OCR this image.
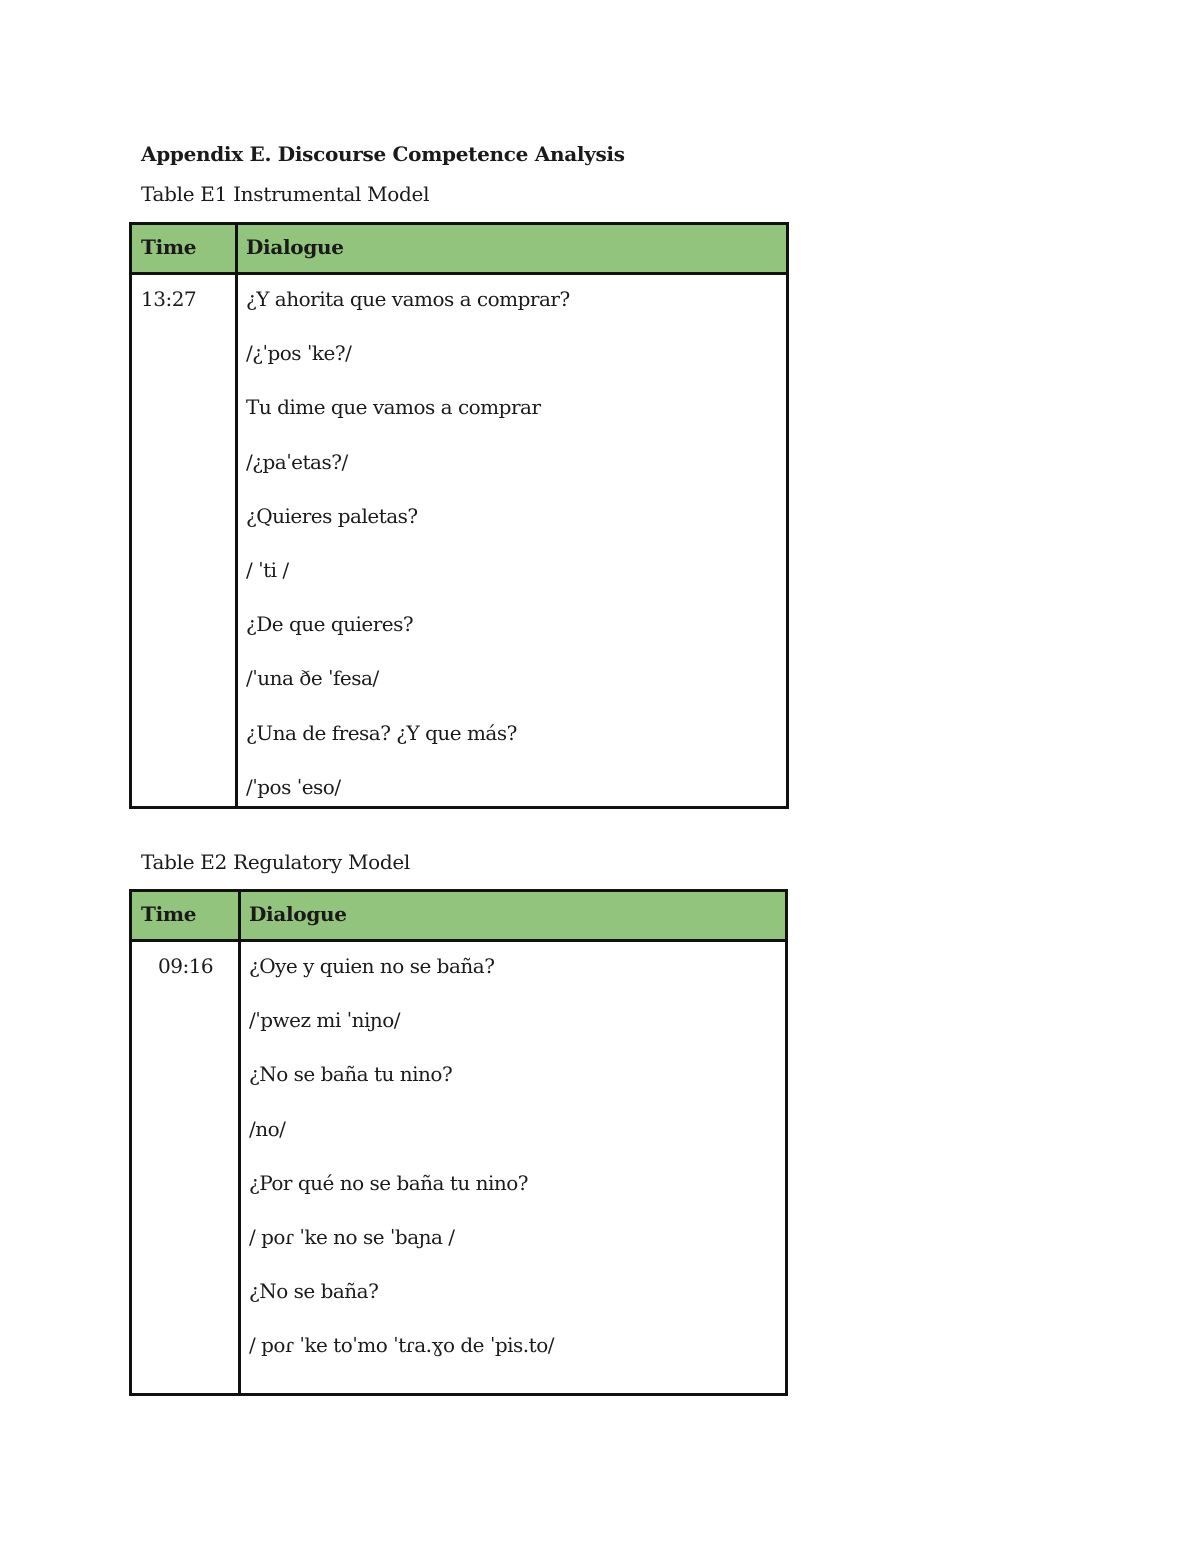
Appendix E. Discourse Competence Analysis
Table E1 Instrumental Model
Time Dialogue
13:27 ¿Y ahorita que vamos a comprar?
/¿ˈpos ˈke?/
Tu dime que vamos a comprar
/¿paˈetas?/
¿Quieres paletas?
/ ˈti /
¿De que quieres?
/ˈuna ðe ˈfesa/
¿Una de fresa? ¿Y que más?
/ˈpos ˈeso/
Table E2 Regulatory Model
Time	Dialogue
09:16 ¿Oye y quien no se baña?
/ˈpwez mi ˈniɲo/
¿No se baña tu nino?
/no/
¿Por qué no se baña tu nino?
/ poɾ ˈke no se ˈbaɲa /
¿No se baña?
/ poɾ ˈke toˈmo ˈtɾa.ɣo de ˈpis.to/
